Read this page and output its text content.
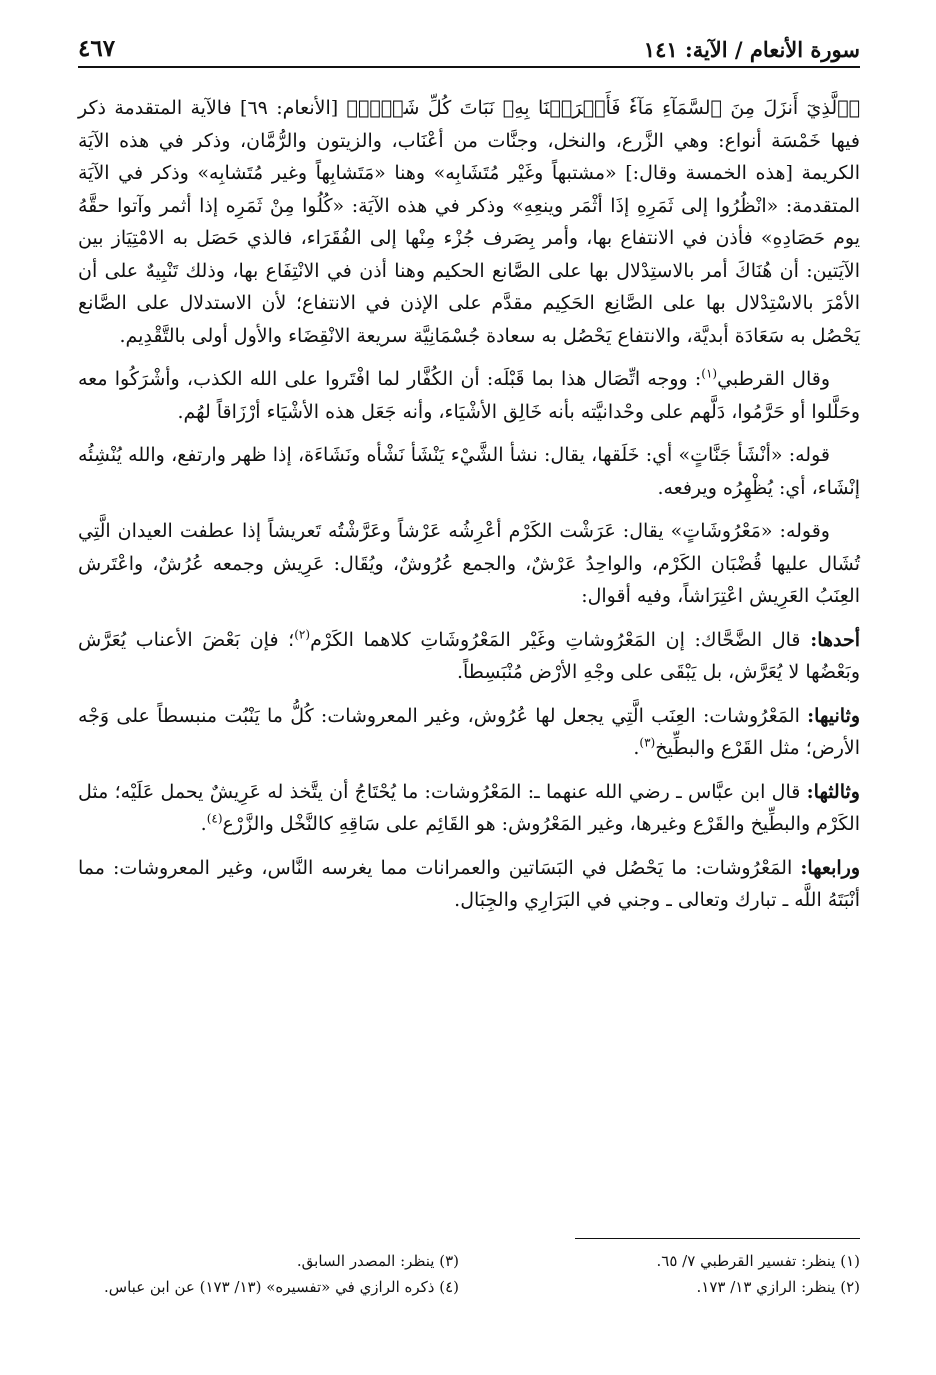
سورة الأنعام / الآية: ١٤١
٤٦٧

﴿ٱلَّذِيٓ أَنزَلَ مِنَ ٱلسَّمَآءِ مَآءٗ فَأَخۡرَجۡنَا بِهِۦ نَبَاتَ كُلِّ شَيۡءٖ﴾ [الأنعام: ٦٩] فالآية المتقدمة ذكر فيها خَمْسَة أنواع: وهي الزَّرع، والنخل، وجنَّات من أعْنَاب، والزيتون والرُّمَّان، وذكر في هذه الآيَة الكريمة [هذه الخمسة وقال:] «مشتبهاً وغَيْر مُتَشَابِه» وهنا «مَتَشابِهاً وغير مُتَشابِه» وذكر في الآيَة المتقدمة: «انْظُرُوا إلى ثَمَرِهِ إذَا أثْمَر وينعِهِ» وذكر في هذه الآيَة: «كُلُوا مِنْ ثَمَرِه إذا أثمر وآتوا حقَّهُ يوم حَصَادِهِ» فأذن في الانتفاع بها، وأمر بِصَرف جُزْء مِنْها إلى الفُقَرَاء، فالذي حَصَل به الامْتِيَاز بين الآيَتين: أن هُنَاكَ أمر بالاستِدْلال بها على الصَّانع الحكيم وهنا أذن في الانْتِفَاع بها، وذلك تَنْبِيهٌ على أن الأمْرَ بالاسْتِدْلال بها على الصَّانِع الحَكِيم مقدَّم على الإذن في الانتفاع؛ لأن الاستدلال على الصَّانع يَحْصُل به سَعَادَة أبديَّة، والانتفاع يَحْصُل به سعادة جُسْمَانِيَّة سريعة الانْقِضَاء والأول أولى بالتَّقْدِيم.

وقال القرطبي$^{(١)}$: ووجه اتِّصَال هذا بما قَبْلَه: أن الكُفَّار لما افْتَروا على الله الكذب، وأشْرَكُوا معه وحَلَّلوا أو حَرَّمُوا، دَلَّهم على وحْدانيَّته بأنه خَالِق الأشْيَاء، وأنه جَعَل هذه الأشْيَاء أرْزَاقاً لهُم.

قوله: «أنْشَأ جَنَّاتٍ» أي: خَلَقها، يقال: نشأ الشَّيْء يَنْشَأ نَشْأه ونَشَاءَة، إذا ظهر وارتفع، والله يُنْشِئُه إنْشَاء، أي: يُظْهِرُه ويرفعه.

وقوله: «مَعْرُوشَاتٍ» يقال: عَرَشْت الكَرْم أعْرِشُه عَرْشاً وعَرَّشْتُه تَعريشاً إذا عطفت العيدان الَّتِي تُشَال عليها قُضْبَان الكَرْم، والواحِدُ عَرْشٌ، والجمع عُرُوشٌ، ويُقَال: عَرِيش وجمعه عُرُشٌ، واعْتَرش العِنَبُ العَرِيش اعْتِرَاشاً، وفيه أقوال:

أحدها: قال الضَّحَّاك: إن المَعْرُوشاتِ وغَيْر المَعْرُوشَاتِ كلاهما الكَرْم$^{(٢)}$؛ فإن بَعْضَ الأعناب يُعَرَّش وبَعْضُها لا يُعَرَّش، بل يَبْقَى على وجْهِ الأرْض مُنْبَسِطاً.

وثانيها: المَعْرُوشات: العِنَب الَّتِي يجعل لها عُرُوش، وغير المعروشات: كُلُّ ما يَنْبُت منبسطاً على وَجْه الأرض؛ مثل القَرْع والبطِّيخ$^{(٣)}$.

وثالثها: قال ابن عبَّاس ـ رضي الله عنهما ـ: المَعْرُوشات: ما يُحْتَاجُ أن يتَّخذ له عَرِيشٌ يحمل عَلَيْه؛ مثل الكَرْم والبطِّيخ والقَرْع وغيرها، وغير المَعْرُوش: هو القَائِم على سَاقِهِ كالنَّخْل والزَّرْع$^{(٤)}$.

ورابعها: المَعْرُوشات: ما يَحْصُل في البَسَاتين والعمرانات مما يغرسه النَّاس، وغير المعروشات: مما أنْبَتَهُ اللَّه ـ تبارك وتعالى ـ وجني في البَرَارِي والجِبَال.

(١) ينظر: تفسير القرطبي ٧/ ٦٥.
(٣) ينظر: المصدر السابق.
(٢) ينظر: الرازي ١٣/ ١٧٣.
(٤) ذكره الرازي في «تفسيره» (١٣/ ١٧٣) عن ابن عباس.
